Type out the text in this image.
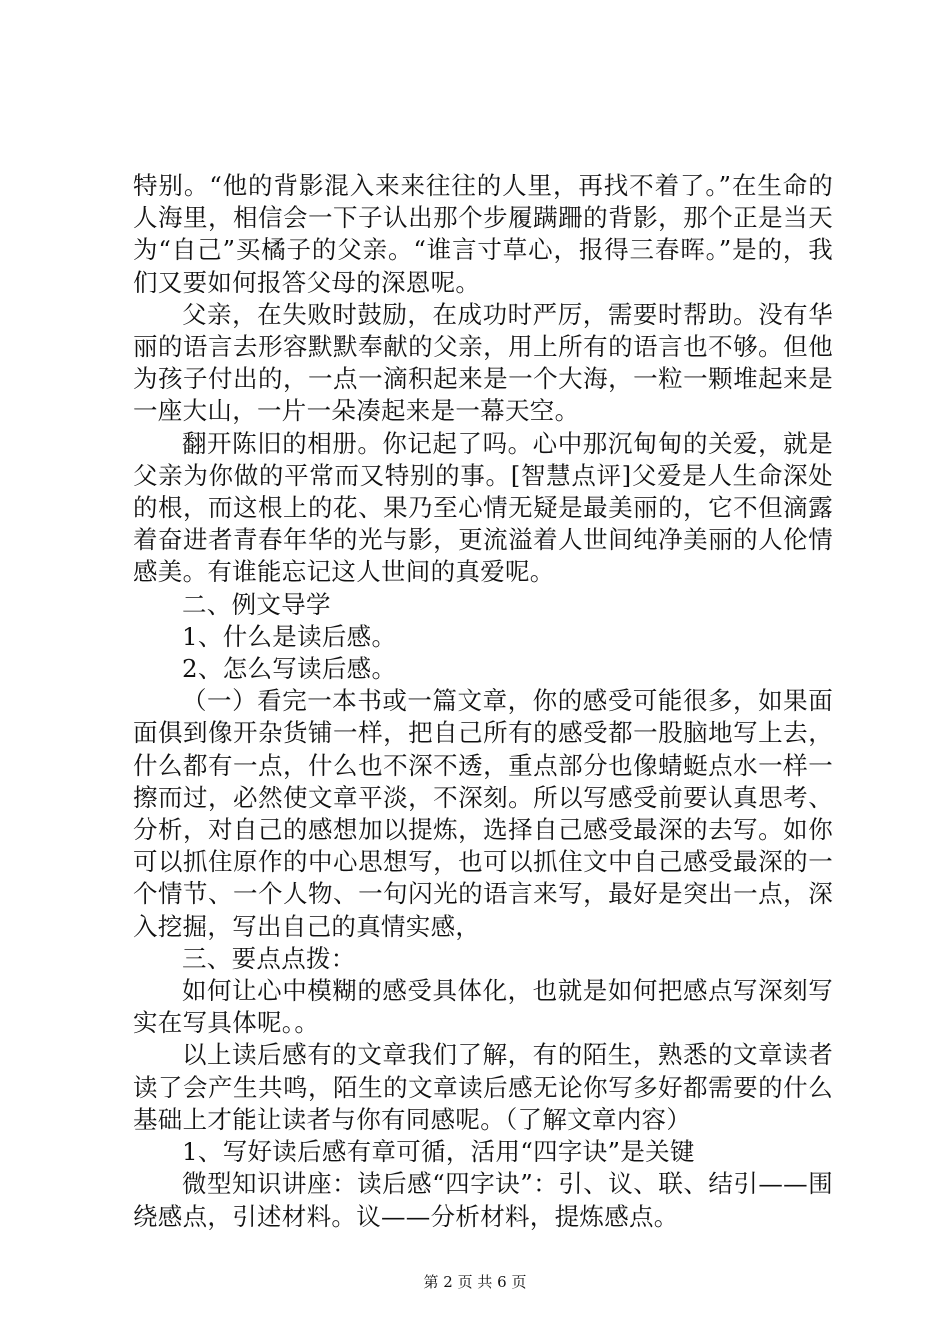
特别。“他的背影混入来来往往的人里，再找不着了。”在生命的人海里，相信会一下子认出那个步履蹒跚的背影，那个正是当天为“自己”买橘子的父亲。“谁言寸草心，报得三春晖。”是的，我们又要如何报答父母的深恩呢。

父亲，在失败时鼓励，在成功时严厉，需要时帮助。没有华丽的语言去形容默默奉献的父亲，用上所有的语言也不够。但他为孩子付出的，一点一滴积起来是一个大海，一粒一颗堆起来是一座大山，一片一朵凑起来是一幕天空。

翻开陈旧的相册。你记起了吗。心中那沉甸甸的关爱，就是父亲为你做的平常而又特别的事。[智慧点评]父爱是人生命深处的根，而这根上的花、果乃至心情无疑是最美丽的，它不但滴露着奋进者青春年华的光与影，更流溢着人世间纯净美丽的人伦情感美。有谁能忘记这人世间的真爱呢。

二、例文导学

1、什么是读后感。

2、怎么写读后感。

（一）看完一本书或一篇文章，你的感受可能很多，如果面面俱到像开杂货铺一样，把自己所有的感受都一股脑地写上去，什么都有一点，什么也不深不透，重点部分也像蜻蜓点水一样一擦而过，必然使文章平淡，不深刻。所以写感受前要认真思考、分析，对自己的感想加以提炼，选择自己感受最深的去写。如你可以抓住原作的中心思想写，也可以抓住文中自己感受最深的一个情节、一个人物、一句闪光的语言来写，最好是突出一点，深入挖掘，写出自己的真情实感，

三、要点点拨：

如何让心中模糊的感受具体化，也就是如何把感点写深刻写实在写具体呢。。

以上读后感有的文章我们了解，有的陌生，熟悉的文章读者读了会产生共鸣，陌生的文章读后感无论你写多好都需要的什么基础上才能让读者与你有同感呢。（了解文章内容）

1、写好读后感有章可循，活用“四字诀”是关键

微型知识讲座：读后感“四字诀”：引、议、联、结引——围绕感点，引述材料。议——分析材料，提炼感点。

第 2 页 共 6 页
